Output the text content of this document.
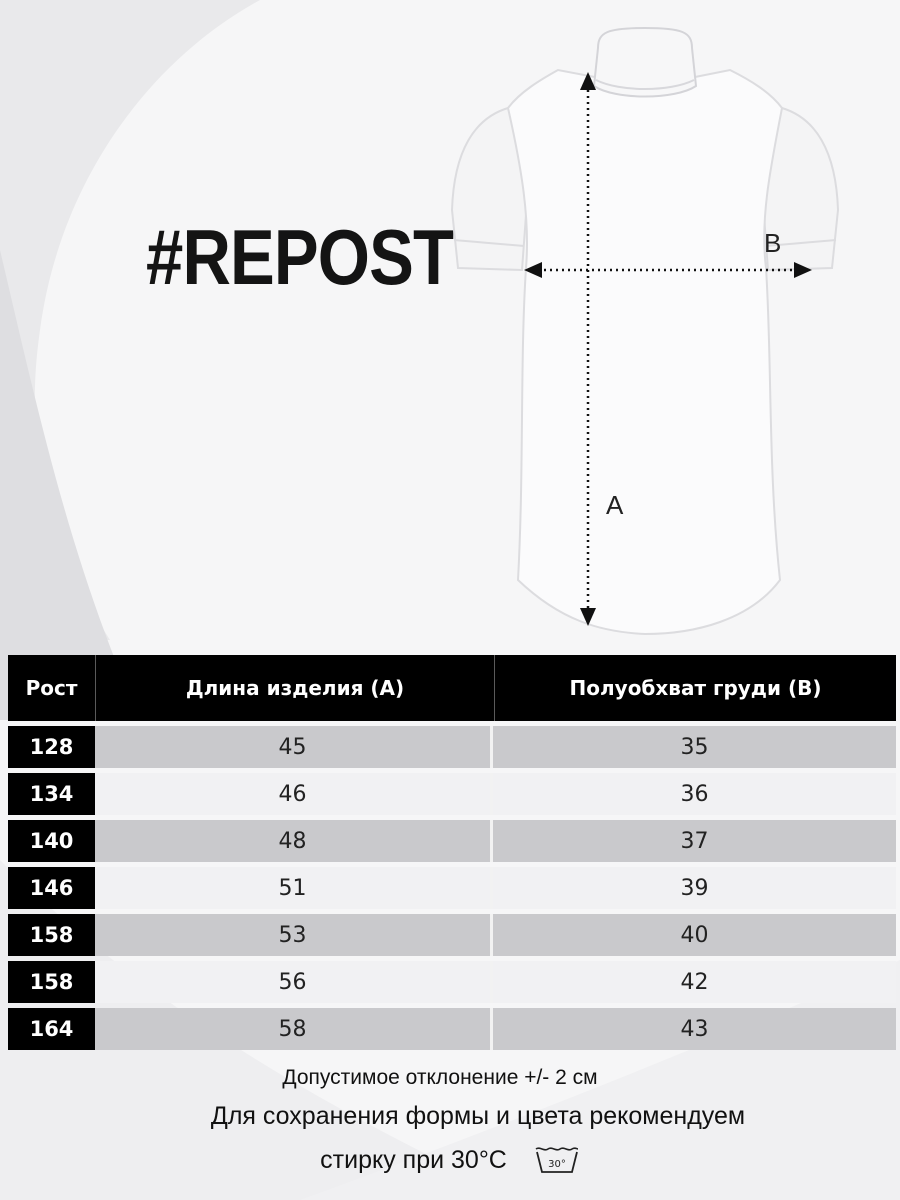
#REPOST	B
A
Рост	Длина изделия (А)	Полуобхват груди (В)
128	45	35
134	46	36
140	48	37
146	51	39
158	53	40
158	56	42
164	58	43
Допустимое отклонение +/- 2 см
Для сохранения формы и цвета рекомендуем
стирку при 30°C	30°
